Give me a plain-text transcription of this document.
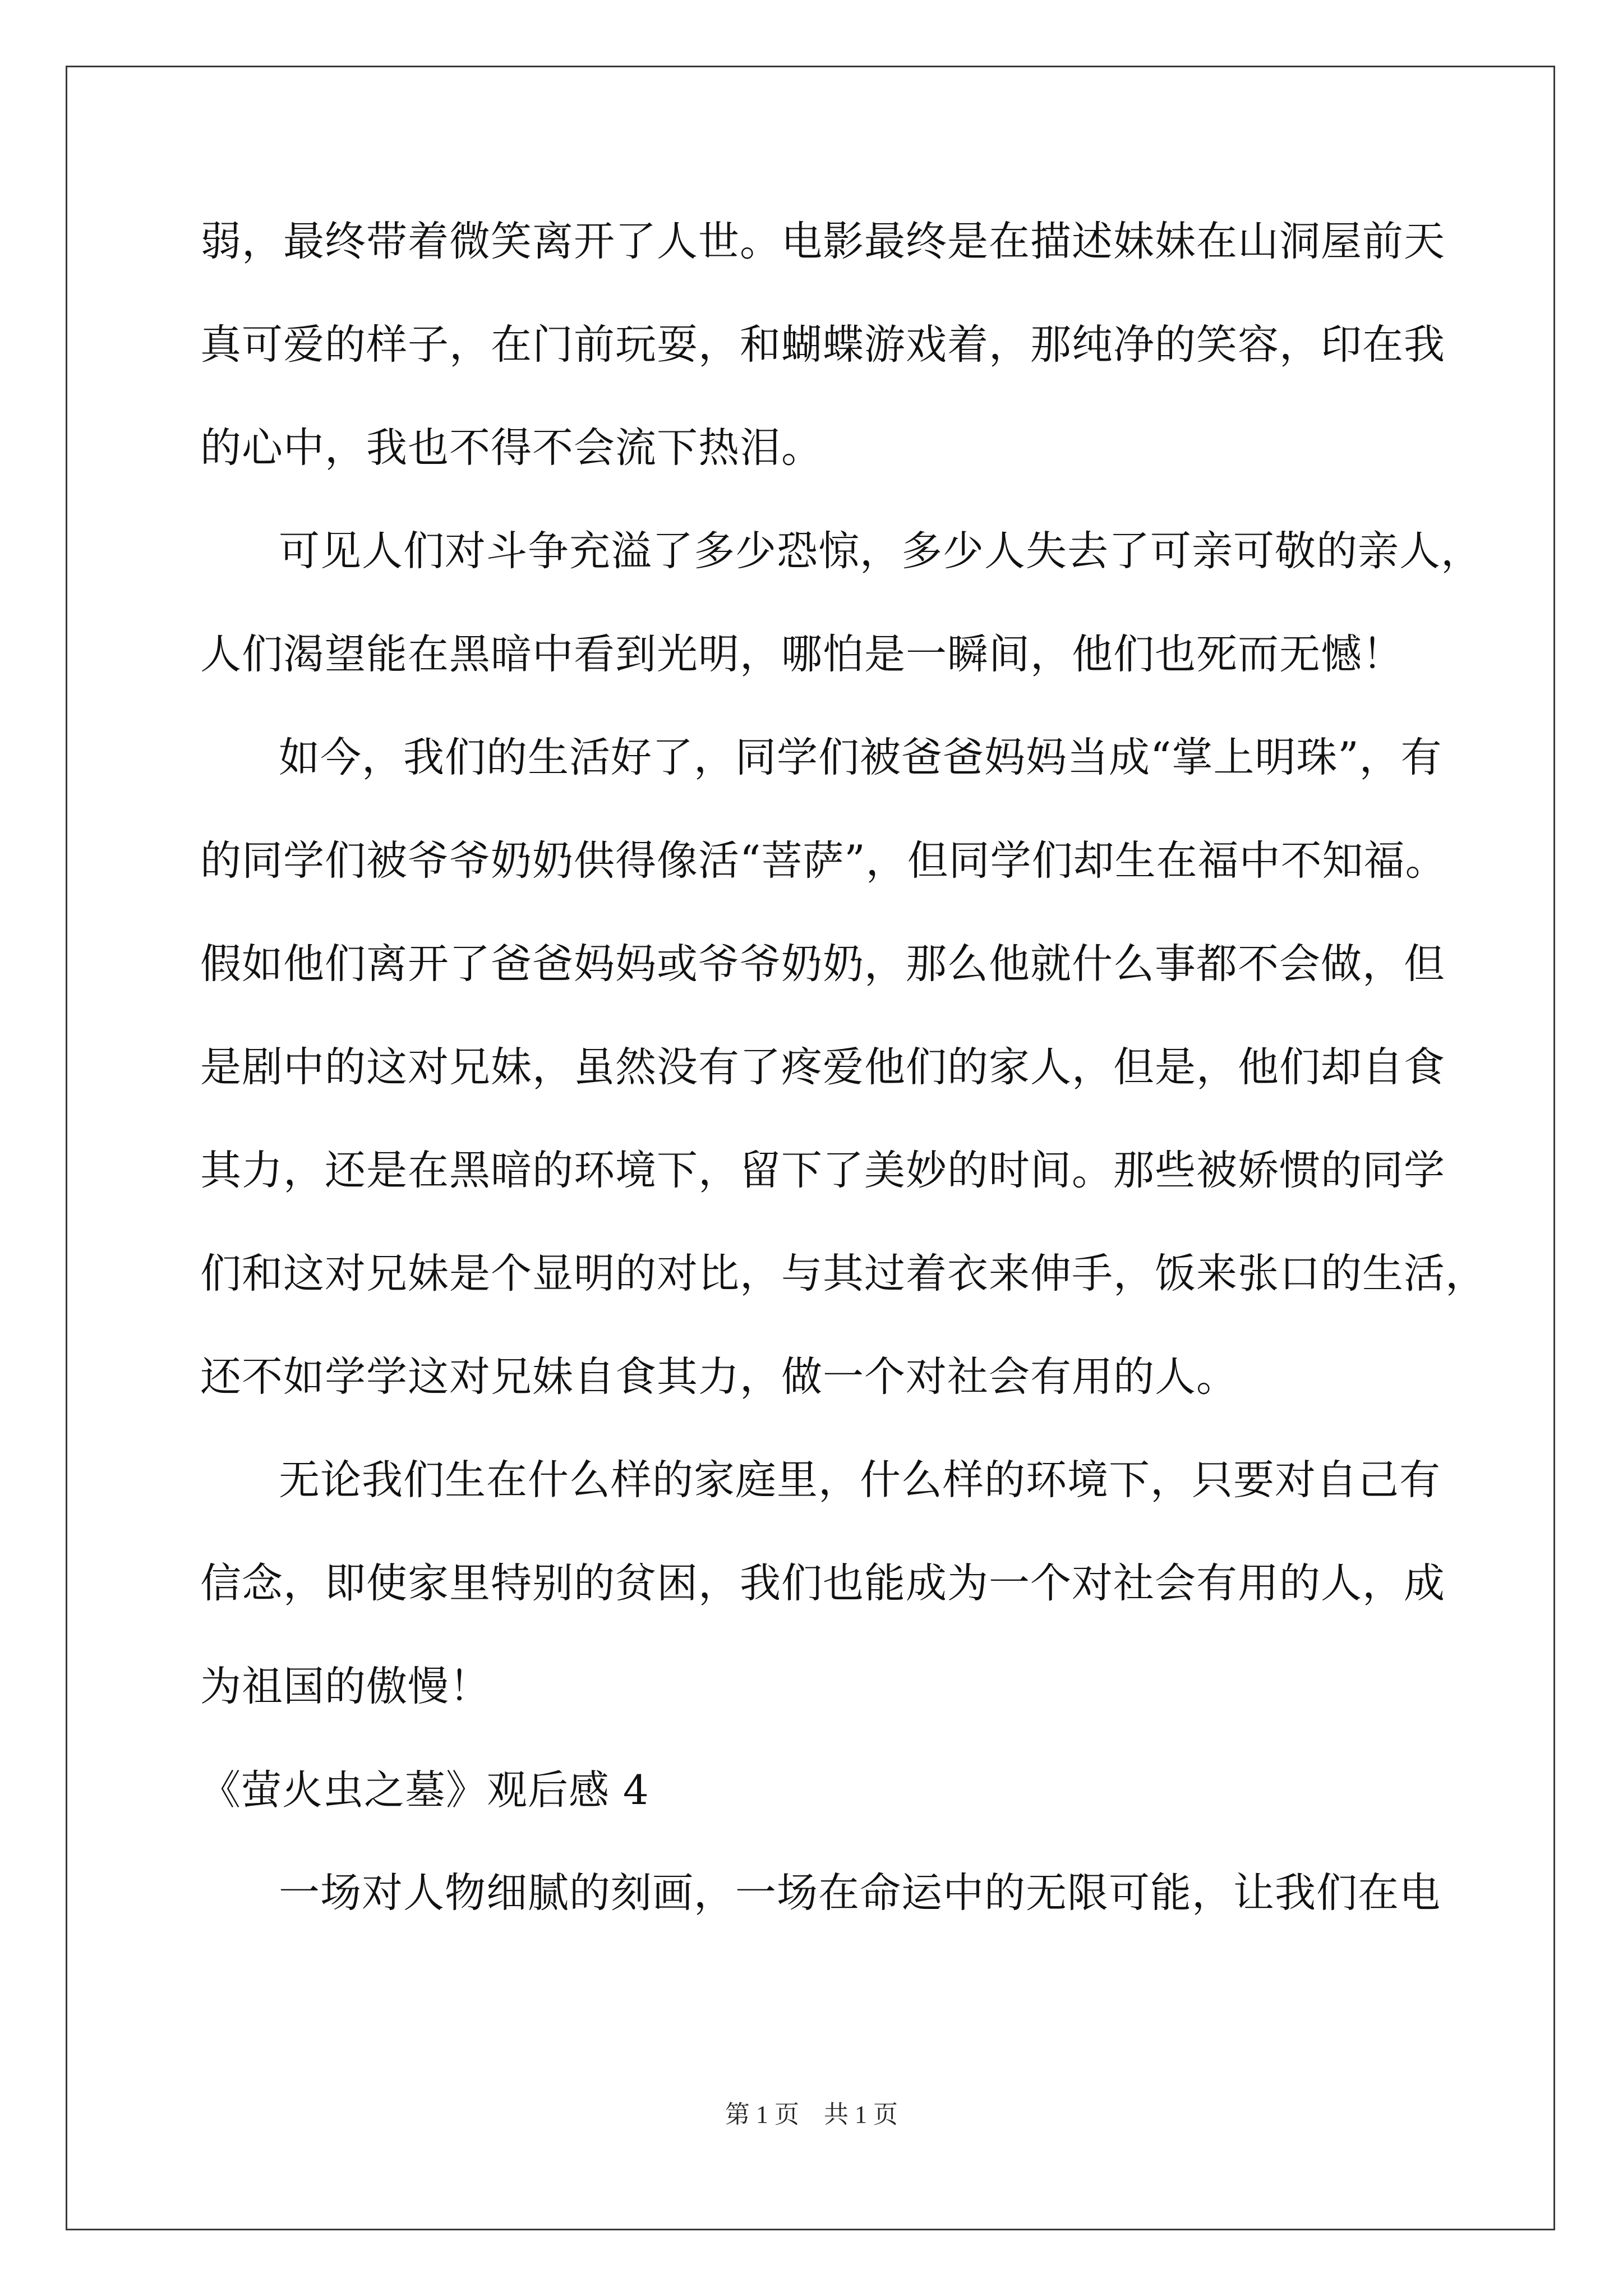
弱，最终带着微笑离开了人世。电影最终是在描述妹妹在山洞屋前天
真可爱的样子，在门前玩耍，和蝴蝶游戏着，那纯净的笑容，印在我
的心中，我也不得不会流下热泪。
可见人们对斗争充溢了多少恐惊，多少人失去了可亲可敬的亲人，
人们渴望能在黑暗中看到光明，哪怕是一瞬间，他们也死而无憾！
如今，我们的生活好了，同学们被爸爸妈妈当成“掌上明珠”，有
的同学们被爷爷奶奶供得像活“菩萨”，但同学们却生在福中不知福。
假如他们离开了爸爸妈妈或爷爷奶奶，那么他就什么事都不会做，但
是剧中的这对兄妹，虽然没有了疼爱他们的家人，但是，他们却自食
其力，还是在黑暗的环境下，留下了美妙的时间。那些被娇惯的同学
们和这对兄妹是个显明的对比，与其过着衣来伸手，饭来张口的生活，
还不如学学这对兄妹自食其力，做一个对社会有用的人。
无论我们生在什么样的家庭里，什么样的环境下，只要对自己有
信念，即使家里特别的贫困，我们也能成为一个对社会有用的人，成
为祖国的傲慢！
《萤火虫之墓》观后感 4
一场对人物细腻的刻画，一场在命运中的无限可能，让我们在电
第 1 页　共 1 页
